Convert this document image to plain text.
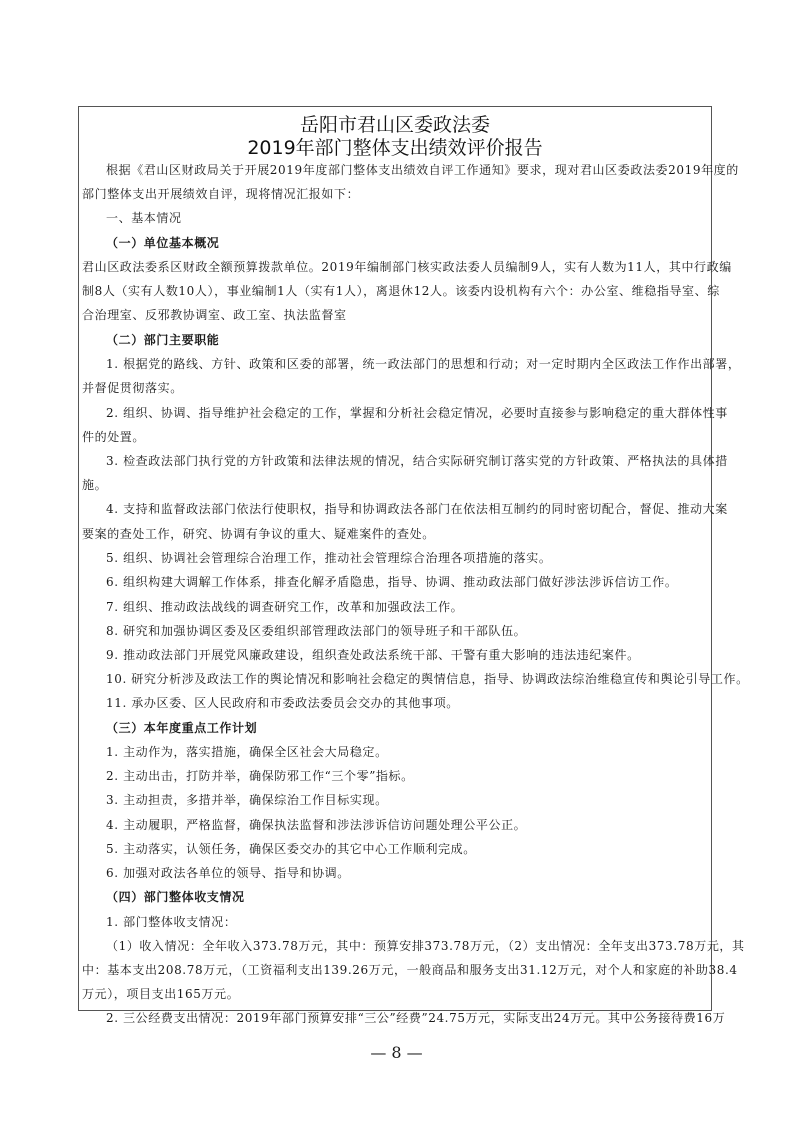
岳阳市君山区委政法委
2019年部门整体支出绩效评价报告
根据《君山区财政局关于开展2019年度部门整体支出绩效自评工作通知》要求，现对君山区委政法委2019年度的
部门整体支出开展绩效自评，现将情况汇报如下：
一、基本情况
（一）单位基本概况
君山区政法委系区财政全额预算拨款单位。2019年编制部门核实政法委人员编制9人，实有人数为11人，其中行政编
制8人（实有人数10人），事业编制1人（实有1人），离退休12人。该委内设机构有六个：办公室、维稳指导室、综
合治理室、反邪教协调室、政工室、执法监督室
（二）部门主要职能
1. 根据党的路线、方针、政策和区委的部署，统一政法部门的思想和行动；对一定时期内全区政法工作作出部署，
并督促贯彻落实。
2. 组织、协调、指导维护社会稳定的工作，掌握和分析社会稳定情况，必要时直接参与影响稳定的重大群体性事
件的处置。
3. 检查政法部门执行党的方针政策和法律法规的情况，结合实际研究制订落实党的方针政策、严格执法的具体措
施。
4. 支持和监督政法部门依法行使职权，指导和协调政法各部门在依法相互制约的同时密切配合，督促、推动大案
要案的查处工作，研究、协调有争议的重大、疑难案件的查处。
5. 组织、协调社会管理综合治理工作，推动社会管理综合治理各项措施的落实。
6. 组织构建大调解工作体系，排查化解矛盾隐患，指导、协调、推动政法部门做好涉法涉诉信访工作。
7. 组织、推动政法战线的调查研究工作，改革和加强政法工作。
8. 研究和加强协调区委及区委组织部管理政法部门的领导班子和干部队伍。
9. 推动政法部门开展党风廉政建设，组织查处政法系统干部、干警有重大影响的违法违纪案件。
10. 研究分析涉及政法工作的舆论情况和影响社会稳定的舆情信息，指导、协调政法综治维稳宣传和舆论引导工作。
11. 承办区委、区人民政府和市委政法委员会交办的其他事项。
（三）本年度重点工作计划
1. 主动作为，落实措施，确保全区社会大局稳定。
2. 主动出击，打防并举，确保防邪工作“三个零”指标。
3. 主动担责，多措并举，确保综治工作目标实现。
4. 主动履职，严格监督，确保执法监督和涉法涉诉信访问题处理公平公正。
5. 主动落实，认领任务，确保区委交办的其它中心工作顺利完成。
6. 加强对政法各单位的领导、指导和协调。
（四）部门整体收支情况
1. 部门整体收支情况：
（1）收入情况：全年收入373.78万元，其中：预算安排373.78万元，（2）支出情况：全年支出373.78万元，其
中：基本支出208.78万元，（工资福利支出139.26万元，一般商品和服务支出31.12万元，对个人和家庭的补助38.4
万元），项目支出165万元。
2. 三公经费支出情况：2019年部门预算安排“三公”经费”24.75万元，实际支出24万元。其中公务接待费16万
— 8 —
